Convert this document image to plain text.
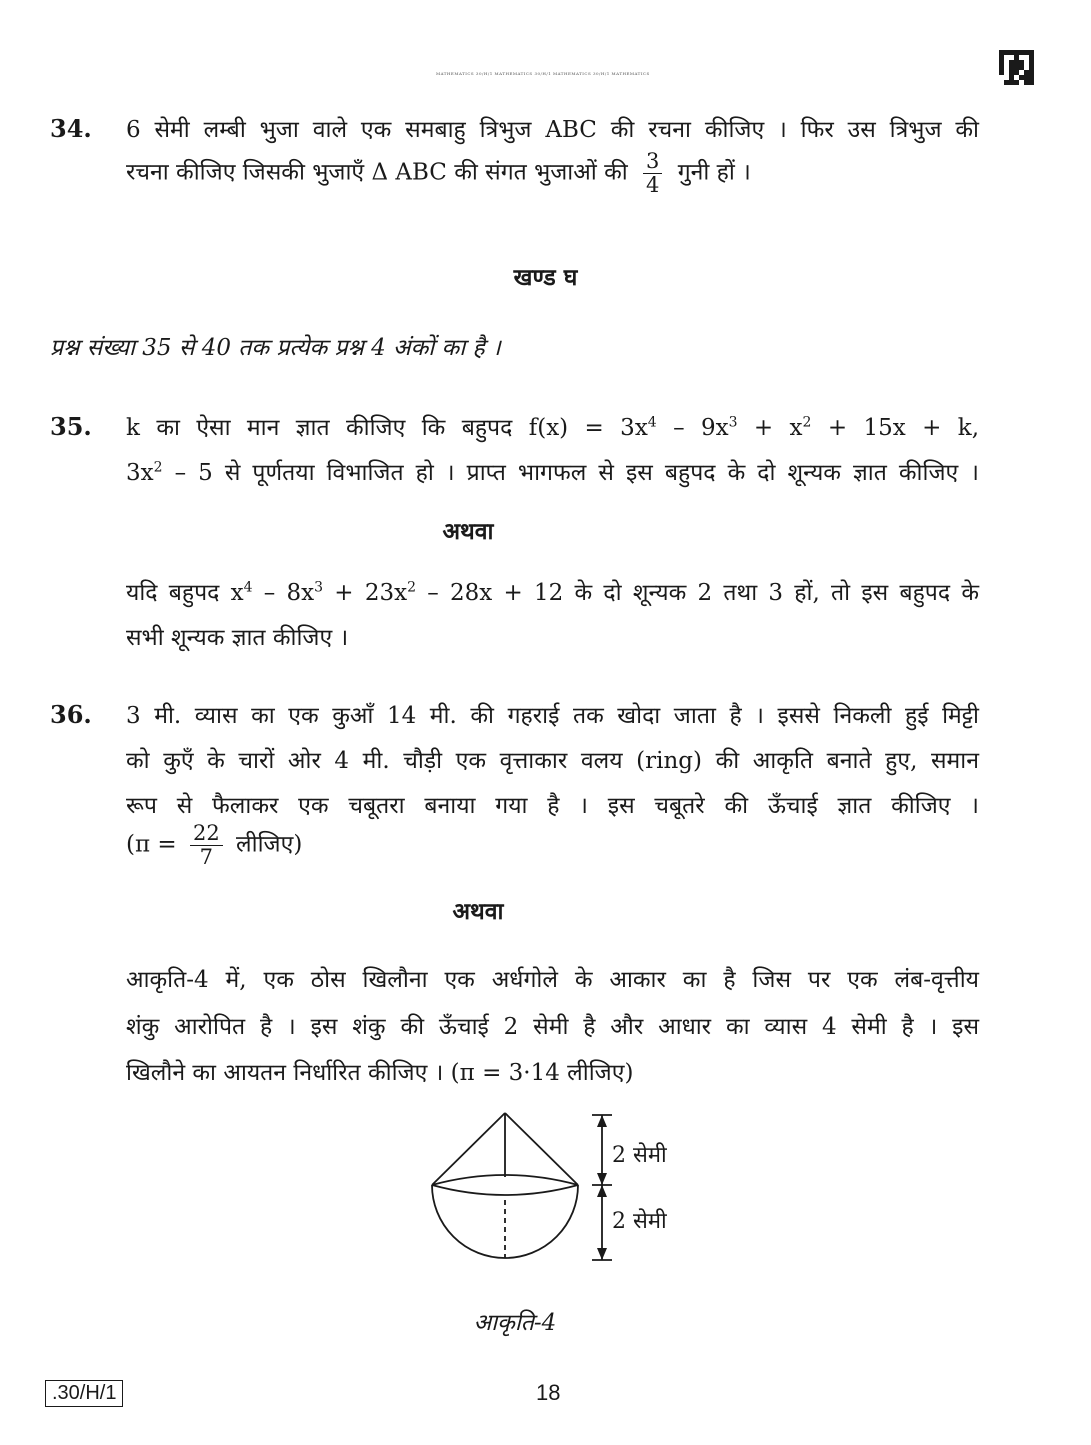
MATHEMATICS 30/H/1 MATHEMATICS 30/H/1 MATHEMATICS 30/H/1 MATHEMATICS
34. 6 सेमी लम्बी भुजा वाले एक समबाहु त्रिभुज ABC की रचना कीजिए । फिर उस त्रिभुज की
रचना कीजिए जिसकी भुजाएँ Δ ABC की संगत भुजाओं की $\frac{3}{4}$ गुनी हों ।
खण्ड घ
प्रश्न संख्या 35 से 40 तक प्रत्येक प्रश्न 4 अंकों का है ।
35. k का ऐसा मान ज्ञात कीजिए कि बहुपद $f(x) = 3x^4 - 9x^3 + x^2 + 15x + k$,
$3x^2 - 5$ से पूर्णतया विभाजित हो । प्राप्त भागफल से इस बहुपद के दो शून्यक ज्ञात कीजिए ।
अथवा
यदि बहुपद $x^4 - 8x^3 + 23x^2 - 28x + 12$ के दो शून्यक 2 तथा 3 हों, तो इस बहुपद के
सभी शून्यक ज्ञात कीजिए ।
36. 3 मी. व्यास का एक कुआँ 14 मी. की गहराई तक खोदा जाता है । इससे निकली हुई मिट्टी
को कुएँ के चारों ओर 4 मी. चौड़ी एक वृत्ताकार वलय (ring) की आकृति बनाते हुए, समान
रूप से फैलाकर एक चबूतरा बनाया गया है । इस चबूतरे की ऊँचाई ज्ञात कीजिए ।
($\pi = \frac{22}{7}$ लीजिए)
अथवा
आकृति-4 में, एक ठोस खिलौना एक अर्धगोले के आकार का है जिस पर एक लंब-वृत्तीय
शंकु आरोपित है । इस शंकु की ऊँचाई 2 सेमी है और आधार का व्यास 4 सेमी है । इस
खिलौने का आयतन निर्धारित कीजिए । (π = 3·14 लीजिए)
2 सेमी
2 सेमी
आकृति-4
.30/H/1	18
